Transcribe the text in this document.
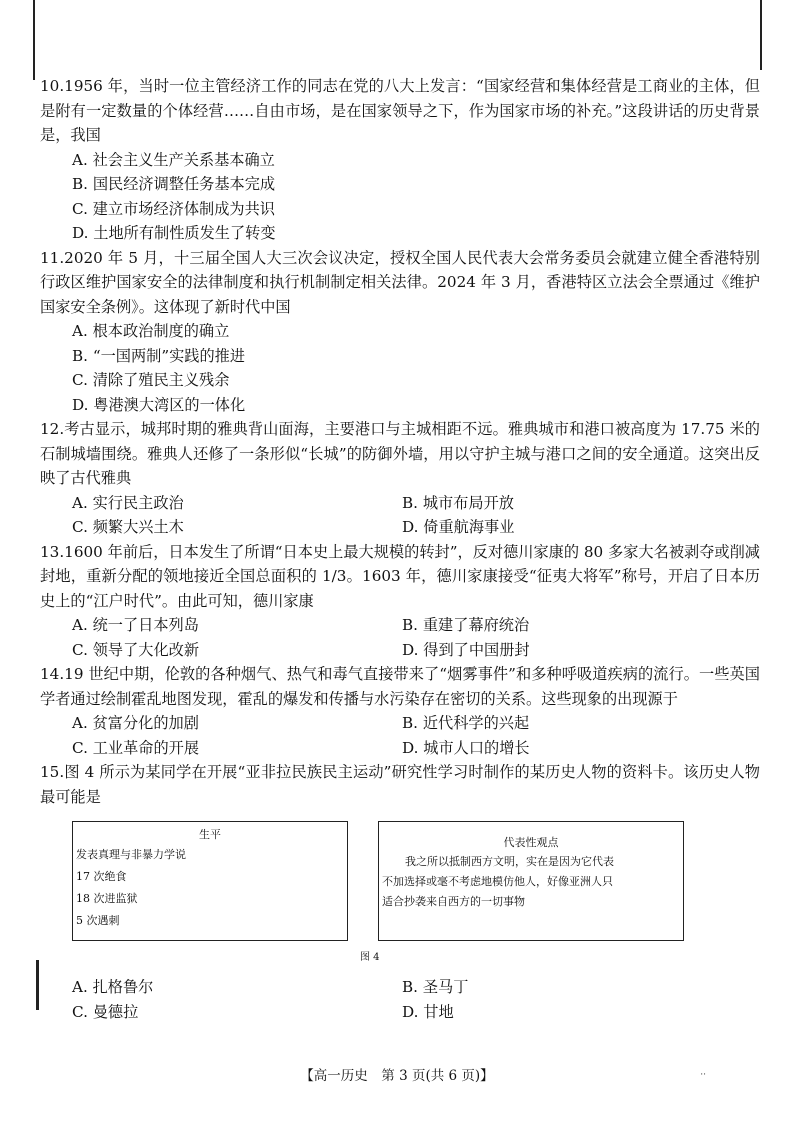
10.1956 年，当时一位主管经济工作的同志在党的八大上发言：“国家经营和集体经营是工商业的主体，但是附有一定数量的个体经营……自由市场，是在国家领导之下，作为国家市场的补充。”这段讲话的历史背景是，我国

A. 社会主义生产关系基本确立

B. 国民经济调整任务基本完成

C. 建立市场经济体制成为共识

D. 土地所有制性质发生了转变

11.2020 年 5 月，十三届全国人大三次会议决定，授权全国人民代表大会常务委员会就建立健全香港特别行政区维护国家安全的法律制度和执行机制制定相关法律。2024 年 3 月，香港特区立法会全票通过《维护国家安全条例》。这体现了新时代中国

A. 根本政治制度的确立

B. “一国两制”实践的推进

C. 清除了殖民主义残余

D. 粤港澳大湾区的一体化

12.考古显示，城邦时期的雅典背山面海，主要港口与主城相距不远。雅典城市和港口被高度为 17.75 米的石制城墙围绕。雅典人还修了一条形似“长城”的防御外墙，用以守护主城与港口之间的安全通道。这突出反映了古代雅典

A. 实行民主政治	B. 城市布局开放
C. 频繁大兴土木	D. 倚重航海事业

13.1600 年前后，日本发生了所谓“日本史上最大规模的转封”，反对德川家康的 80 多家大名被剥夺或削减封地，重新分配的领地接近全国总面积的 1/3。1603 年，德川家康接受“征夷大将军”称号，开启了日本历史上的“江户时代”。由此可知，德川家康

A. 统一了日本列岛	B. 重建了幕府统治
C. 领导了大化改新	D. 得到了中国册封

14.19 世纪中期，伦敦的各种烟气、热气和毒气直接带来了“烟雾事件”和多种呼吸道疾病的流行。一些英国学者通过绘制霍乱地图发现，霍乱的爆发和传播与水污染存在密切的关系。这些现象的出现源于

A. 贫富分化的加剧	B. 近代科学的兴起
C. 工业革命的开展	D. 城市人口的增长

15.图 4 所示为某同学在开展“亚非拉民族民主运动”研究性学习时制作的某历史人物的资料卡。该历史人物最可能是

生平
发表真理与非暴力学说
17 次绝食
18 次进监狱
5 次遇刺
代表性观点
我之所以抵制西方文明，实在是因为它代表
不加选择或毫不考虑地模仿他人，好像亚洲人只
适合抄袭来自西方的一切事物
图 4
A. 扎格鲁尔	B. 圣马丁
C. 曼德拉	D. 甘地
【高一历史　第 3 页(共 6 页)】	··
